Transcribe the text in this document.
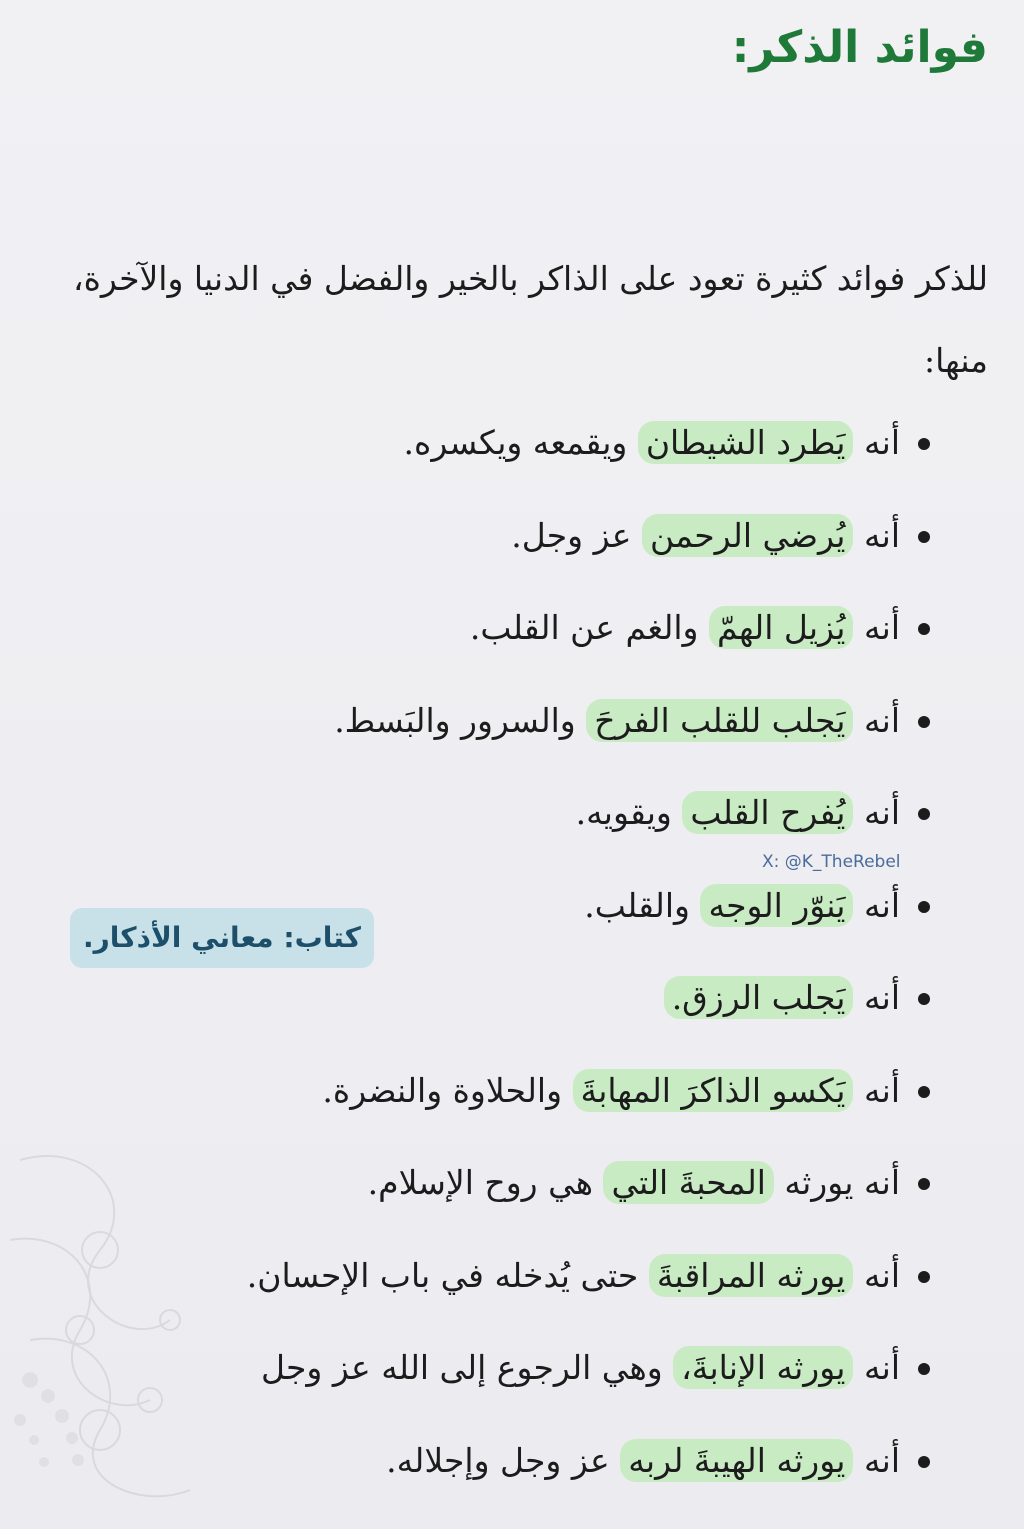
فوائد الذكر:
للذكر فوائد كثيرة تعود على الذاكر بالخير والفضل في الدنيا والآخرة، منها:
أنه يَطرد الشيطان ويقمعه ويكسره.
أنه يُرضي الرحمن عز وجل.
أنه يُزيل الهمّ والغم عن القلب.
أنه يَجلب للقلب الفرحَ والسرور والبَسط.
أنه يُفرح القلب ويقويه.
أنه يَنوّر الوجه والقلب.
أنه يَجلب الرزق.
أنه يَكسو الذاكرَ المهابةَ والحلاوة والنضرة.
أنه يورثه المحبةَ التي هي روح الإسلام.
أنه يورثه المراقبةَ حتى يُدخله في باب الإحسان.
أنه يورثه الإنابةَ، وهي الرجوع إلى الله عز وجل
أنه يورثه الهيبةَ لربه عز وجل وإجلاله.
X: @K_TheRebel
كتاب: معاني الأذكار.
